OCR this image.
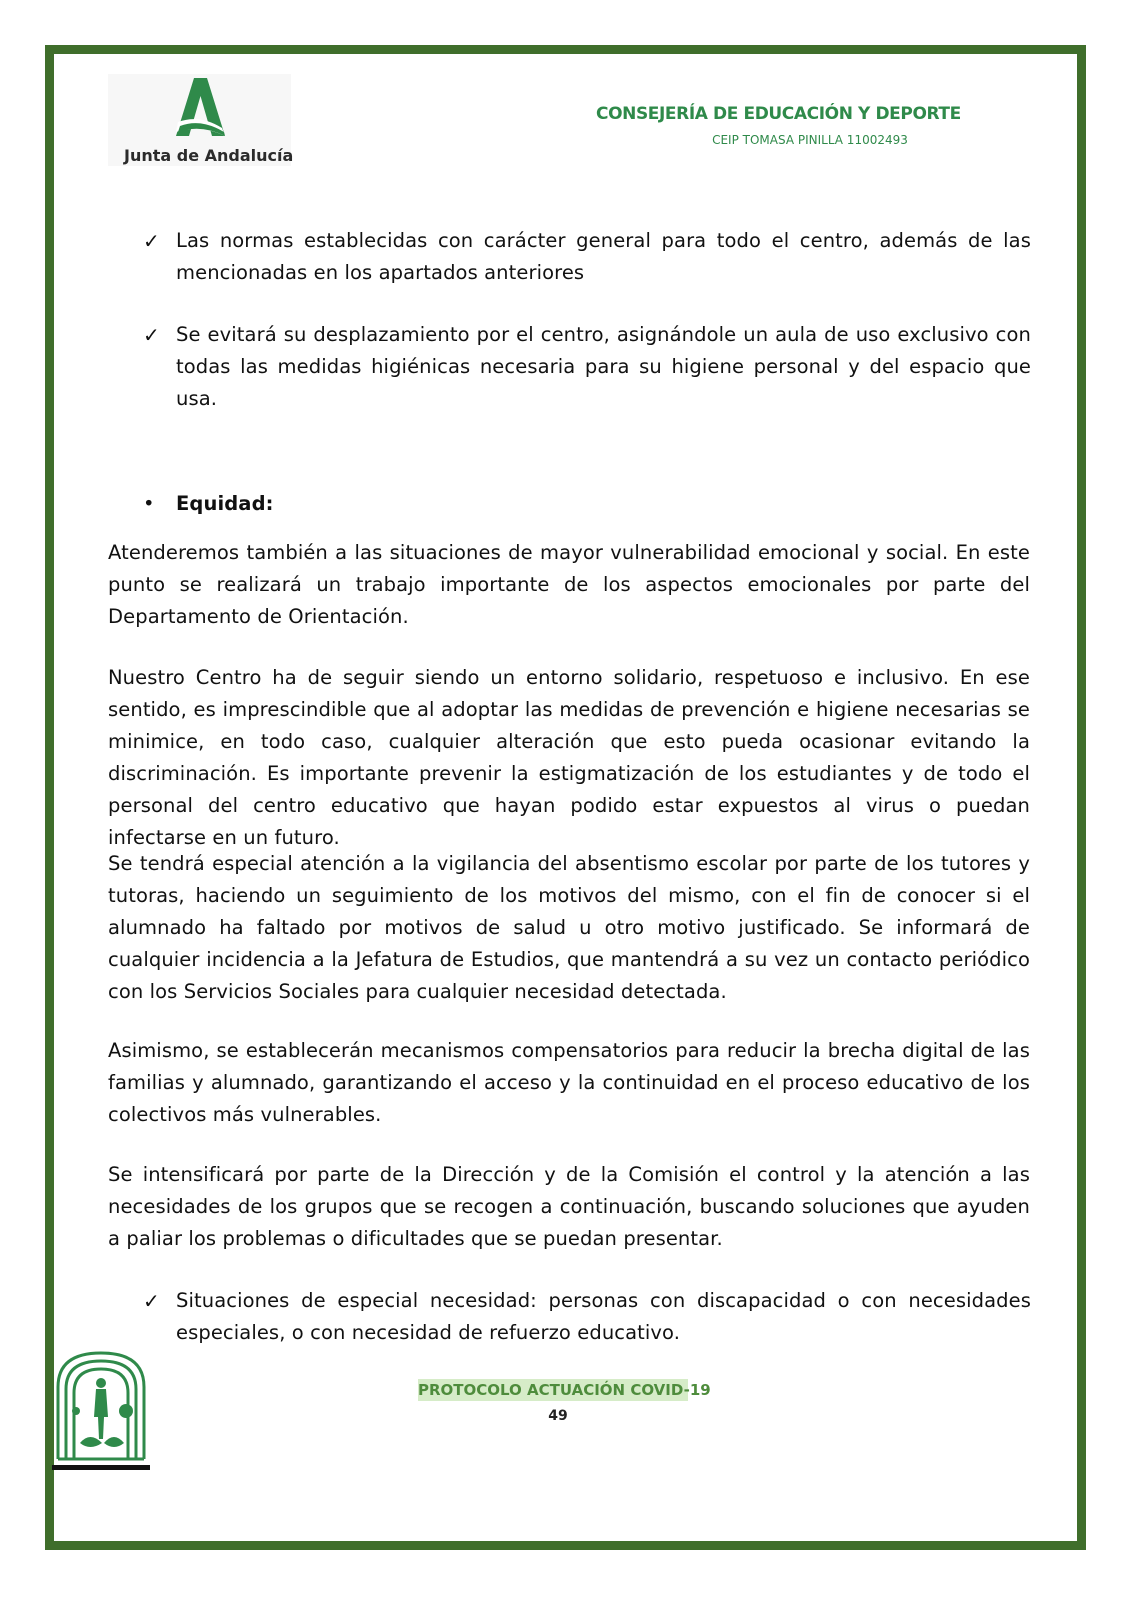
Junta de Andalucía
CONSEJERÍA DE EDUCACIÓN Y DEPORTE
CEIP TOMASA PINILLA 11002493
✓ Las normas establecidas con carácter general para todo el centro, además de las mencionadas en los apartados anteriores
✓ Se evitará su desplazamiento por el centro, asignándole un aula de uso exclusivo con todas las medidas higiénicas necesaria para su higiene personal y del espacio que usa.
• Equidad:

Atenderemos también a las situaciones de mayor vulnerabilidad emocional y social. En este punto se realizará un trabajo importante de los aspectos emocionales por parte del Departamento de Orientación.

Nuestro Centro ha de seguir siendo un entorno solidario, respetuoso e inclusivo. En ese sentido, es imprescindible que al adoptar las medidas de prevención e higiene necesarias se minimice, en todo caso, cualquier alteración que esto pueda ocasionar evitando la discriminación. Es importante prevenir la estigmatización de los estudiantes y de todo el personal del centro educativo que hayan podido estar expuestos al virus o puedan infectarse en un futuro.

Se tendrá especial atención a la vigilancia del absentismo escolar por parte de los tutores y tutoras, haciendo un seguimiento de los motivos del mismo, con el fin de conocer si el alumnado ha faltado por motivos de salud u otro motivo justificado. Se informará de cualquier incidencia a la Jefatura de Estudios, que mantendrá a su vez un contacto periódico con los Servicios Sociales para cualquier necesidad detectada.

Asimismo, se establecerán mecanismos compensatorios para reducir la brecha digital de las familias y alumnado, garantizando el acceso y la continuidad en el proceso educativo de los colectivos más vulnerables.

Se intensificará por parte de la Dirección y de la Comisión el control y la atención a las necesidades de los grupos que se recogen a continuación, buscando soluciones que ayuden a paliar los problemas o dificultades que se puedan presentar.

✓ Situaciones de especial necesidad: personas con discapacidad o con necesidades especiales, o con necesidad de refuerzo educativo.
PROTOCOLO ACTUACIÓN COVID-19
49
